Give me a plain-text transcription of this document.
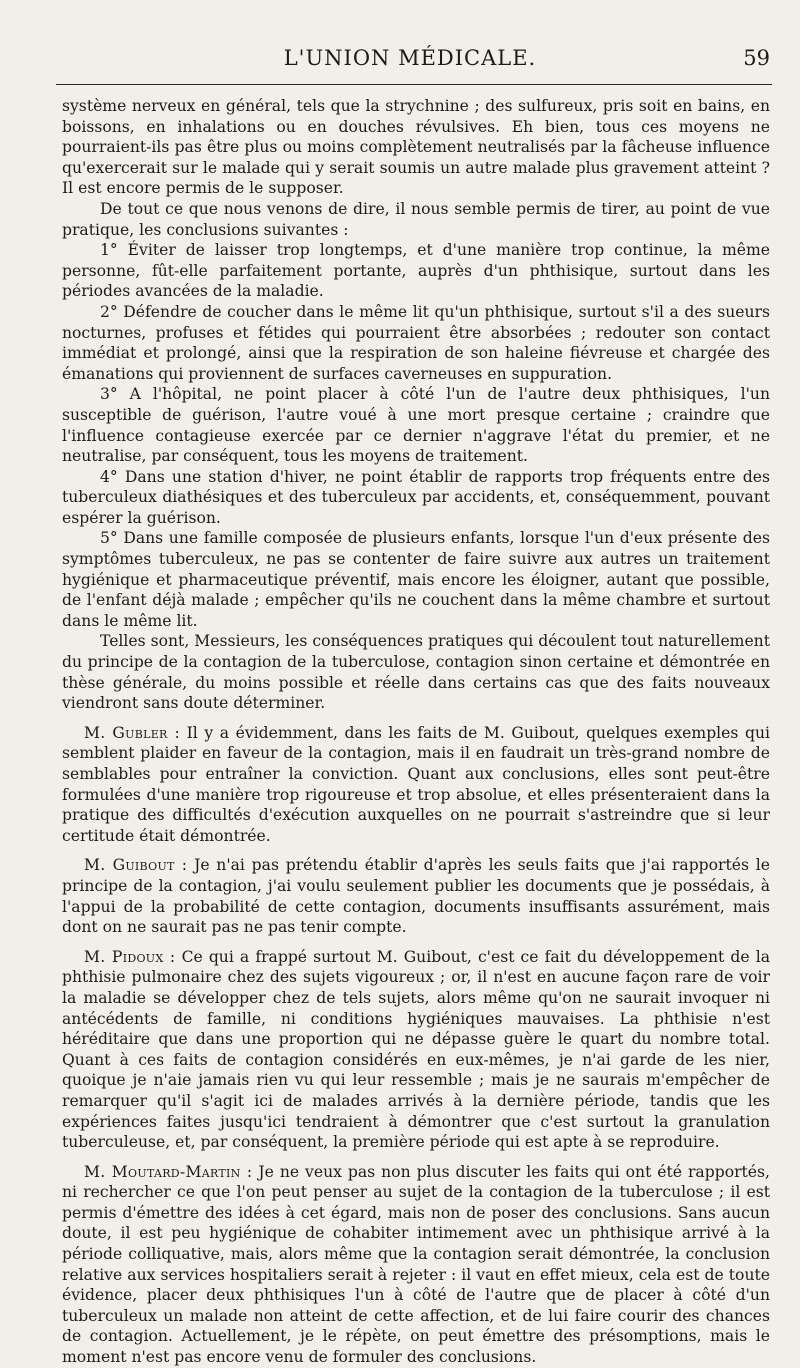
L'UNION MÉDICALE.	59

système nerveux en général, tels que la strychnine ; des sulfureux, pris soit en bains, en boissons, en inhalations ou en douches révulsives. Eh bien, tous ces moyens ne pourraient-ils pas être plus ou moins complètement neutralisés par la fâcheuse influence qu'exercerait sur le malade qui y serait soumis un autre malade plus gravement atteint ? Il est encore permis de le supposer.

De tout ce que nous venons de dire, il nous semble permis de tirer, au point de vue pratique, les conclusions suivantes :

1° Éviter de laisser trop longtemps, et d'une manière trop continue, la même personne, fût-elle parfaitement portante, auprès d'un phthisique, surtout dans les périodes avancées de la maladie.

2° Défendre de coucher dans le même lit qu'un phthisique, surtout s'il a des sueurs nocturnes, profuses et fétides qui pourraient être absorbées ; redouter son contact immédiat et prolongé, ainsi que la respiration de son haleine fiévreuse et chargée des émanations qui proviennent de surfaces caverneuses en suppuration.

3° A l'hôpital, ne point placer à côté l'un de l'autre deux phthisiques, l'un susceptible de guérison, l'autre voué à une mort presque certaine ; craindre que l'influence contagieuse exercée par ce dernier n'aggrave l'état du premier, et ne neutralise, par conséquent, tous les moyens de traitement.

4° Dans une station d'hiver, ne point établir de rapports trop fréquents entre des tuberculeux diathésiques et des tuberculeux par accidents, et, conséquemment, pouvant espérer la guérison.

5° Dans une famille composée de plusieurs enfants, lorsque l'un d'eux présente des symptômes tuberculeux, ne pas se contenter de faire suivre aux autres un traitement hygiénique et pharmaceutique préventif, mais encore les éloigner, autant que possible, de l'enfant déjà malade ; empêcher qu'ils ne couchent dans la même chambre et surtout dans le même lit.

Telles sont, Messieurs, les conséquences pratiques qui découlent tout naturellement du principe de la contagion de la tuberculose, contagion sinon certaine et démontrée en thèse générale, du moins possible et réelle dans certains cas que des faits nouveaux viendront sans doute déterminer.

M. Gubler : Il y a évidemment, dans les faits de M. Guibout, quelques exemples qui semblent plaider en faveur de la contagion, mais il en faudrait un très-grand nombre de semblables pour entraîner la conviction. Quant aux conclusions, elles sont peut-être formulées d'une manière trop rigoureuse et trop absolue, et elles présenteraient dans la pratique des difficultés d'exécution auxquelles on ne pourrait s'astreindre que si leur certitude était démontrée.

M. Guibout : Je n'ai pas prétendu établir d'après les seuls faits que j'ai rapportés le principe de la contagion, j'ai voulu seulement publier les documents que je possédais, à l'appui de la probabilité de cette contagion, documents insuffisants assurément, mais dont on ne saurait pas ne pas tenir compte.

M. Pidoux : Ce qui a frappé surtout M. Guibout, c'est ce fait du développement de la phthisie pulmonaire chez des sujets vigoureux ; or, il n'est en aucune façon rare de voir la maladie se développer chez de tels sujets, alors même qu'on ne saurait invoquer ni antécédents de famille, ni conditions hygiéniques mauvaises. La phthisie n'est héréditaire que dans une proportion qui ne dépasse guère le quart du nombre total. Quant à ces faits de contagion considérés en eux-mêmes, je n'ai garde de les nier, quoique je n'aie jamais rien vu qui leur ressemble ; mais je ne saurais m'empêcher de remarquer qu'il s'agit ici de malades arrivés à la dernière période, tandis que les expériences faites jusqu'ici tendraient à démontrer que c'est surtout la granulation tuberculeuse, et, par conséquent, la première période qui est apte à se reproduire.

M. Moutard-Martin : Je ne veux pas non plus discuter les faits qui ont été rapportés, ni rechercher ce que l'on peut penser au sujet de la contagion de la tuberculose ; il est permis d'émettre des idées à cet égard, mais non de poser des conclusions. Sans aucun doute, il est peu hygiénique de cohabiter intimement avec un phthisique arrivé à la période colliquative, mais, alors même que la contagion serait démontrée, la conclusion relative aux services hospitaliers serait à rejeter : il vaut en effet mieux, cela est de toute évidence, placer deux phthisiques l'un à côté de l'autre que de placer à côté d'un tuberculeux un malade non atteint de cette affection, et de lui faire courir des chances de contagion. Actuellement, je le répète, on peut émettre des présomptions, mais le moment n'est pas encore venu de formuler des conclusions.
